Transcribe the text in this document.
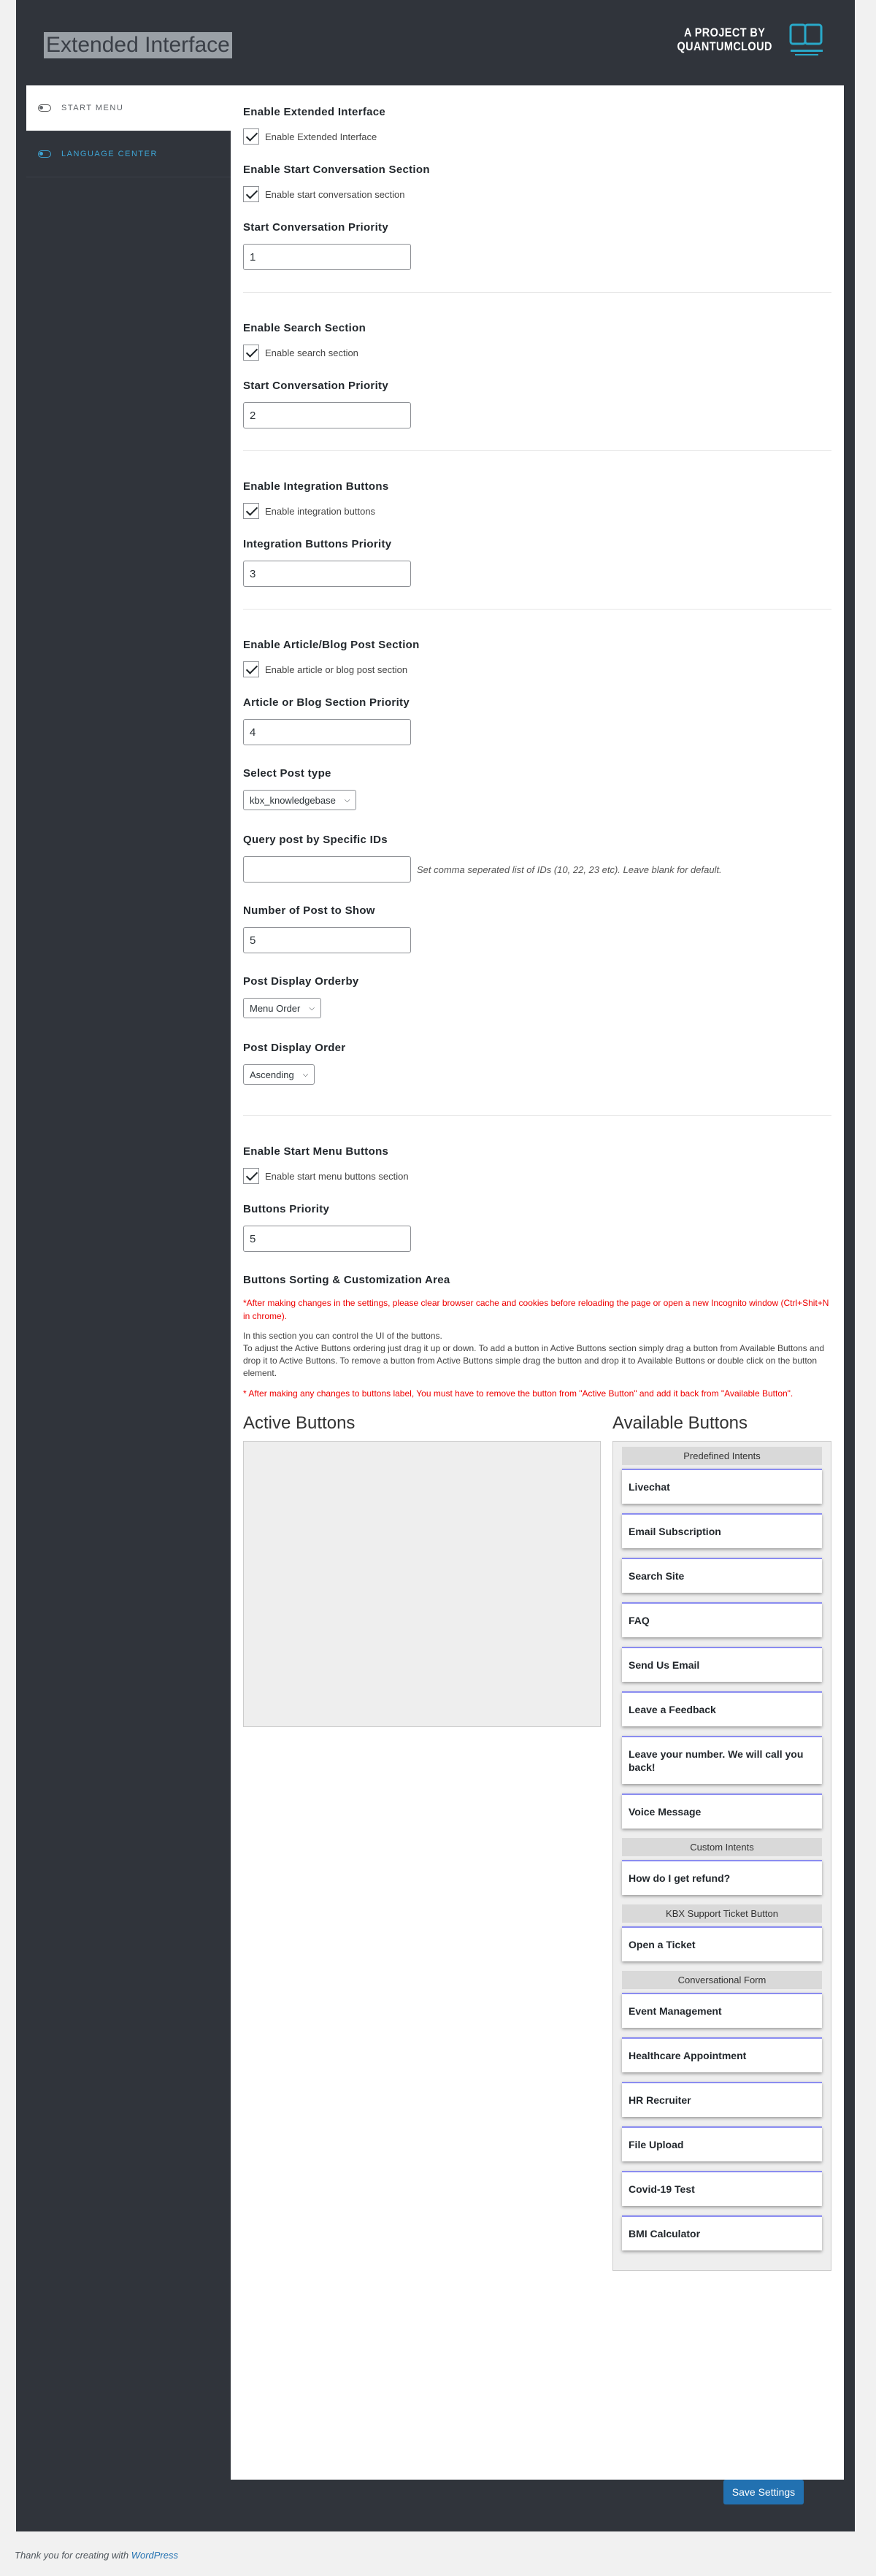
Extended Interface
A PROJECT BY
QUANTUMCLOUD
START MENU
LANGUAGE CENTER
Enable Extended Interface
Enable Extended Interface
Enable Start Conversation Section
Enable start conversation section
Start Conversation Priority
1
Enable Search Section
Enable search section
Start Conversation Priority
2
Enable Integration Buttons
Enable integration buttons
Integration Buttons Priority
3
Enable Article/Blog Post Section
Enable article or blog post section
Article or Blog Section Priority
4
Select Post type
kbx_knowledgebase ⌵
Query post by Specific IDs
Set comma seperated list of IDs (10, 22, 23 etc). Leave blank for default.
Number of Post to Show
5
Post Display Orderby
Menu Order ⌵
Post Display Order
Ascending ⌵
Enable Start Menu Buttons
Enable start menu buttons section
Buttons Priority
5
Buttons Sorting & Customization Area
*After making changes in the settings, please clear browser cache and cookies before reloading the page or open a new Incognito window (Ctrl+Shit+N in chrome).
In this section you can control the UI of the buttons.
To adjust the Active Buttons ordering just drag it up or down. To add a button in Active Buttons section simply drag a button from Available Buttons and drop it to Active Buttons. To remove a button from Active Buttons simple drag the button and drop it to Available Buttons or double click on the button element.
* After making any changes to buttons label, You must have to remove the button from "Active Button" and add it back from "Available Button".
Active Buttons	Available Buttons
Predefined Intents
Livechat
Email Subscription
Search Site
FAQ
Send Us Email
Leave a Feedback
Leave your number. We will call you back!
Voice Message
Custom Intents
How do I get refund?
KBX Support Ticket Button
Open a Ticket
Conversational Form
Event Management
Healthcare Appointment
HR Recruiter
File Upload
Covid-19 Test
BMI Calculator
Save Settings
Thank you for creating with WordPress
